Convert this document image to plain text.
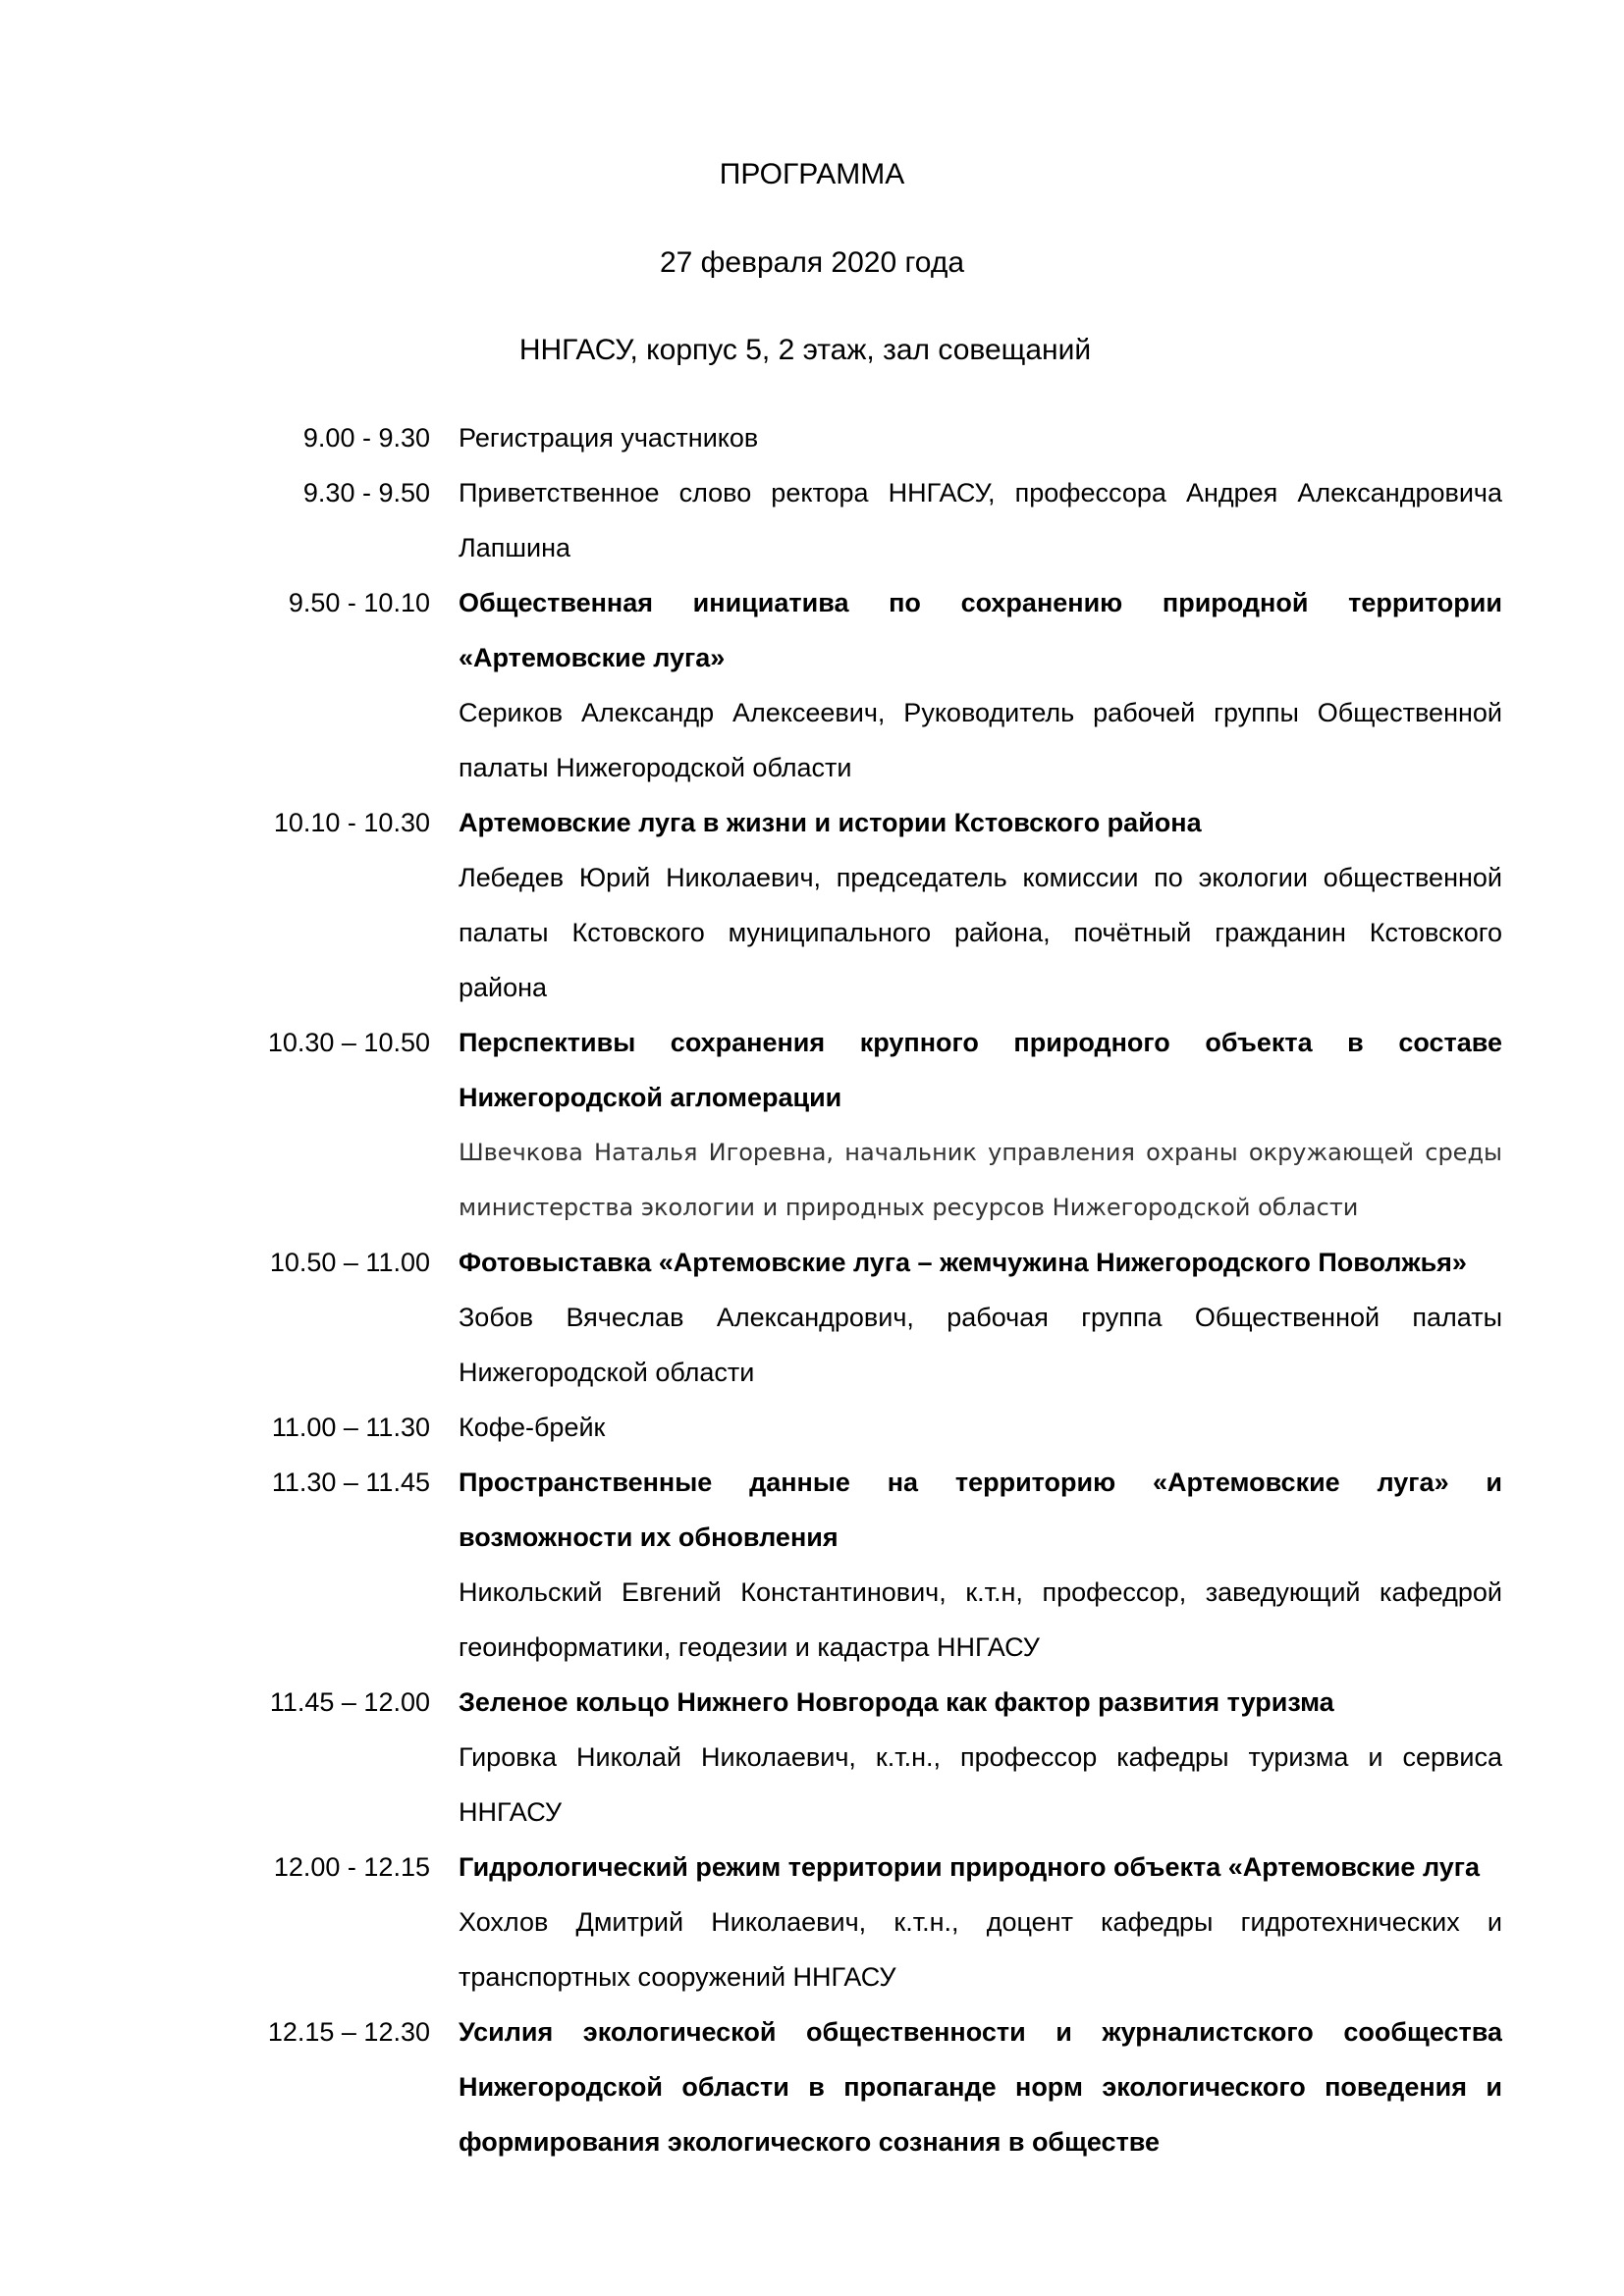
ПРОГРАММА
27 февраля 2020 года
ННГАСУ, корпус 5, 2 этаж, зал совещаний
9.00 - 9.30 Регистрация участников
9.30 - 9.50 Приветственное слово ректора ННГАСУ, профессора Андрея Александровича
Лапшина
9.50 - 10.10 Общественная инициатива по сохранению природной территории
«Артемовские луга»
Сериков Александр Алексеевич, Руководитель рабочей группы Общественной
палаты Нижегородской области
10.10 - 10.30 Артемовские луга в жизни и истории Кстовского района
Лебедев Юрий Николаевич, председатель комиссии по экологии общественной
палаты Кстовского муниципального района, почётный гражданин Кстовского
района
10.30 – 10.50 Перспективы сохранения крупного природного объекта в составе
Нижегородской агломерации
Швечкова Наталья Игоревна, начальник управления охраны окружающей среды
министерства экологии и природных ресурсов Нижегородской области
10.50 – 11.00 Фотовыставка «Артемовские луга – жемчужина Нижегородского Поволжья»
Зобов Вячеслав Александрович, рабочая группа Общественной палаты
Нижегородской области
11.00 – 11.30 Кофе-брейк
11.30 – 11.45 Пространственные данные на территорию «Артемовские луга» и
возможности их обновления
Никольский Евгений Константинович, к.т.н, профессор, заведующий кафедрой
геоинформатики, геодезии и кадастра ННГАСУ
11.45 – 12.00 Зеленое кольцо Нижнего Новгорода как фактор развития туризма
Гировка Николай Николаевич, к.т.н., профессор кафедры туризма и сервиса
ННГАСУ
12.00 - 12.15 Гидрологический режим территории природного объекта «Артемовские луга
Хохлов Дмитрий Николаевич, к.т.н., доцент кафедры гидротехнических и
транспортных сооружений ННГАСУ
12.15 – 12.30 Усилия экологической общественности и журналистского сообщества
Нижегородской области в пропаганде норм экологического поведения и
формирования экологического сознания в обществе
